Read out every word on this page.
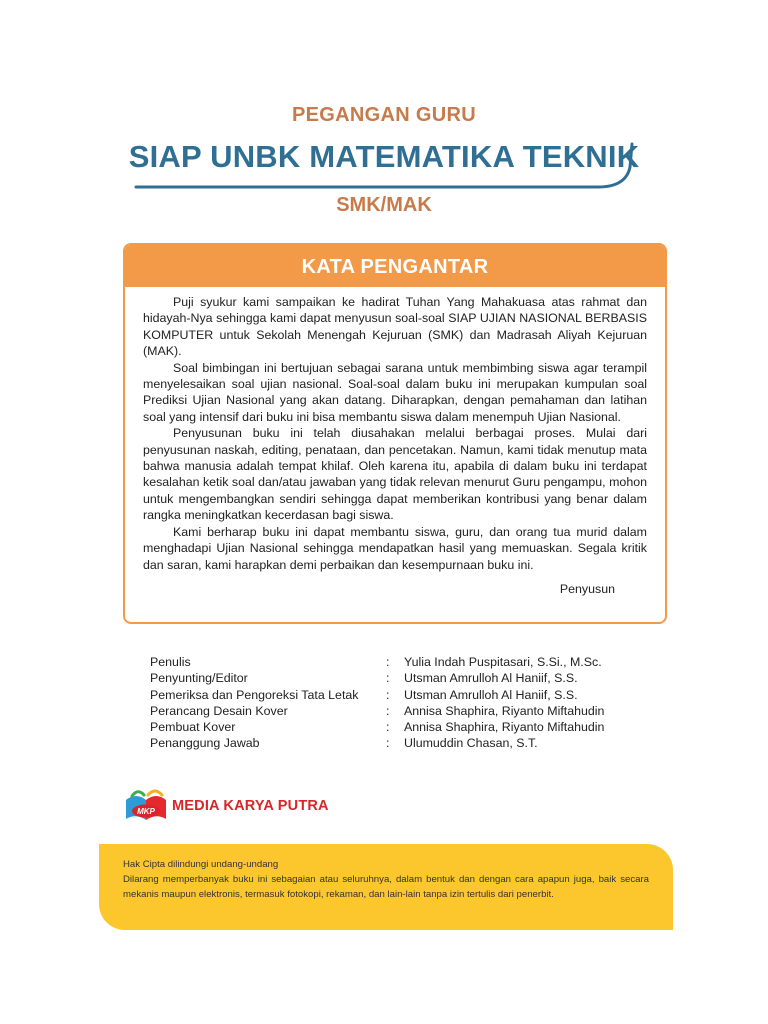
PEGANGAN GURU
SIAP UNBK MATEMATIKA TEKNIK
SMK/MAK
KATA PENGANTAR

Puji syukur kami sampaikan ke hadirat Tuhan Yang Mahakuasa atas rahmat dan hidayah-Nya sehingga kami dapat menyusun soal-soal SIAP UJIAN NASIONAL BERBASIS KOMPUTER untuk Sekolah Menengah Kejuruan (SMK) dan Madrasah Aliyah Kejuruan (MAK).

Soal bimbingan ini bertujuan sebagai sarana untuk membimbing siswa agar terampil menyelesaikan soal ujian nasional. Soal-soal dalam buku ini merupakan kumpulan soal Prediksi Ujian Nasional yang akan datang. Diharapkan, dengan pemahaman dan latihan soal yang intensif dari buku ini bisa membantu siswa dalam menempuh Ujian Nasional.

Penyusunan buku ini telah diusahakan melalui berbagai proses. Mulai dari penyusunan naskah, editing, penataan, dan pencetakan. Namun, kami tidak menutup mata bahwa manusia adalah tempat khilaf. Oleh karena itu, apabila di dalam buku ini terdapat kesalahan ketik soal dan/atau jawaban yang tidak relevan menurut Guru pengampu, mohon untuk mengembangkan sendiri sehingga dapat memberikan kontribusi yang benar dalam rangka meningkatkan kecerdasan bagi siswa.

Kami berharap buku ini dapat membantu siswa, guru, dan orang tua murid dalam menghadapi Ujian Nasional sehingga mendapatkan hasil yang memuaskan. Segala kritik dan saran, kami harapkan demi perbaikan dan kesempurnaan buku ini.

Penyusun
Penulis	:	Yulia Indah Puspitasari, S.Si., M.Sc.
Penyunting/Editor	:	Utsman Amrulloh Al Haniif, S.S.
Pemeriksa dan Pengoreksi Tata Letak	:	Utsman Amrulloh Al Haniif, S.S.
Perancang Desain Kover	:	Annisa Shaphira, Riyanto Miftahudin
Pembuat Kover	:	Annisa Shaphira, Riyanto Miftahudin
Penanggung Jawab	:	Ulumuddin Chasan, S.T.
MKP MEDIA KARYA PUTRA
Hak Cipta dilindungi undang-undang
Dilarang memperbanyak buku ini sebagaian atau seluruhnya, dalam bentuk dan dengan cara apapun juga, baik secara mekanis maupun elektronis, termasuk fotokopi, rekaman, dan lain-lain tanpa izin tertulis dari penerbit.
